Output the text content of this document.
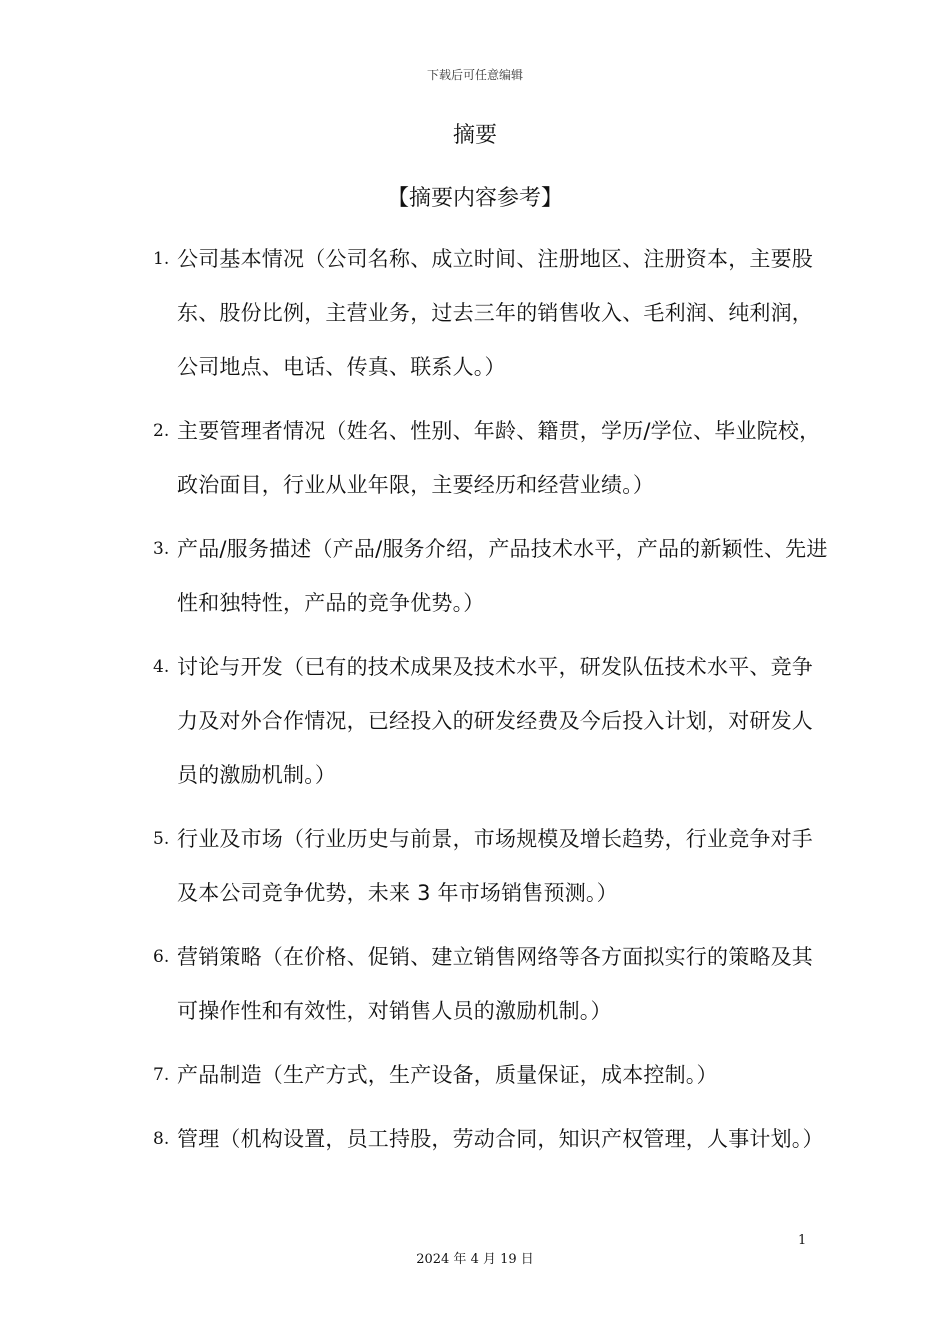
下载后可任意编辑
摘要
【摘要内容参考】
1. 公司基本情况（公司名称、成立时间、注册地区、注册资本，主要股东、股份比例，主营业务，过去三年的销售收入、毛利润、纯利润，公司地点、电话、传真、联系人。）
2. 主要管理者情况（姓名、性别、年龄、籍贯，学历/学位、毕业院校，政治面目，行业从业年限，主要经历和经营业绩。）
3. 产品/服务描述（产品/服务介绍，产品技术水平，产品的新颖性、先进性和独特性，产品的竞争优势。）
4. 讨论与开发（已有的技术成果及技术水平，研发队伍技术水平、竞争力及对外合作情况，已经投入的研发经费及今后投入计划，对研发人员的激励机制。）
5. 行业及市场（行业历史与前景，市场规模及增长趋势，行业竞争对手及本公司竞争优势，未来 3 年市场销售预测。）
6. 营销策略（在价格、促销、建立销售网络等各方面拟实行的策略及其可操作性和有效性，对销售人员的激励机制。）
7. 产品制造（生产方式，生产设备，质量保证，成本控制。）
8. 管理（机构设置，员工持股，劳动合同，知识产权管理，人事计划。）
1
2024 年 4 月 19 日
